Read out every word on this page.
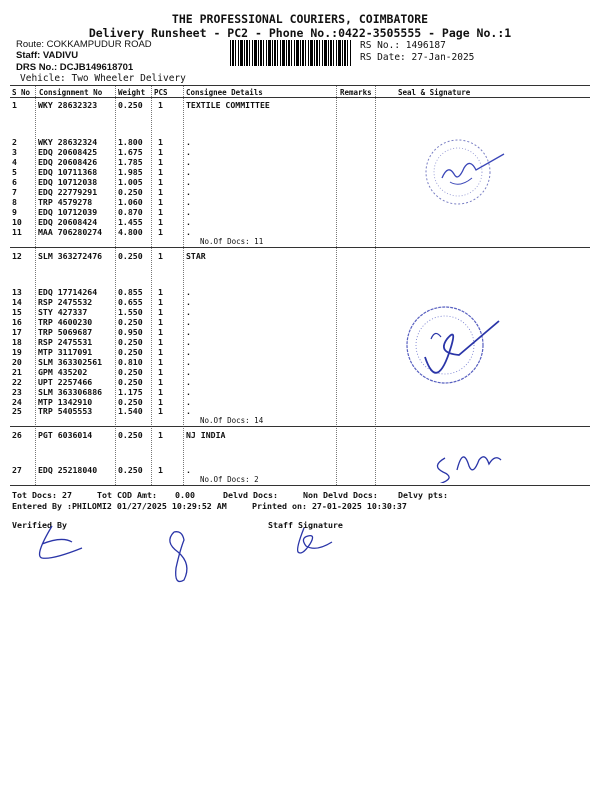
THE PROFESSIONAL COURIERS, COIMBATORE
Delivery Runsheet - PC2 - Phone No.:0422-3505555 - Page No.:1
Route: COKKAMPUDUR ROAD
Staff: VADIVU
DRS No.: DCJB149618701
Vehicle: Two Wheeler Delivery
RS No.: 1496187
RS Date: 27-Jan-2025
S No Consignment No Weight PCS Consignee Details	Remarks	Seal & Signature
1	WKY 28632323	0.250 1	TEXTILE COMMITTEE
2	WKY 28632324	1.800 1	.
3	EDQ 20608425	1.675 1	.
4	EDQ 20608426	1.785 1	.
5	EDQ 10711368	1.985 1	.
6	EDQ 10712038	1.005 1	.
7	EDQ 22779291	0.250 1	.
8	TRP 4579278	1.060 1	.
9	EDQ 10712039	0.870 1	.
10 EDQ 20608424	1.455 1	.
11 MAA 706280274 4.800 1	.
No.Of Docs: 11
12 SLM 363272476 0.250 1	STAR
13 EDQ 17714264	0.855 1	.
14 RSP 2475532	0.655 1	.
15 STY 427337	1.550 1	.
16 TRP 4600230	0.250 1	.
17 TRP 5069687	0.950 1	.
18 RSP 2475531	0.250 1	.
19 MTP 3117091	0.250 1	.
20 SLM 363302561 0.810 1	.
21 GPM 435202	0.250 1	.
22 UPT 2257466	0.250 1	.
23 SLM 363306886 1.175 1	.
24 MTP 1342910	0.250 1	.
25 TRP 5405553	1.540 1	.
No.Of Docs: 14
26 PGT 6036014	0.250 1	NJ INDIA
27 EDQ 25218040	0.250 1	.
No.Of Docs: 2
Tot Docs: 27	Tot COD Amt: 0.00	Delvd Docs:	Non Delvd Docs: Delvy pts:
Entered By :PHILOMI2 01/27/2025 10:29:52 AM	Printed on: 27-01-2025 10:30:37
Verified By	Staff Signature
